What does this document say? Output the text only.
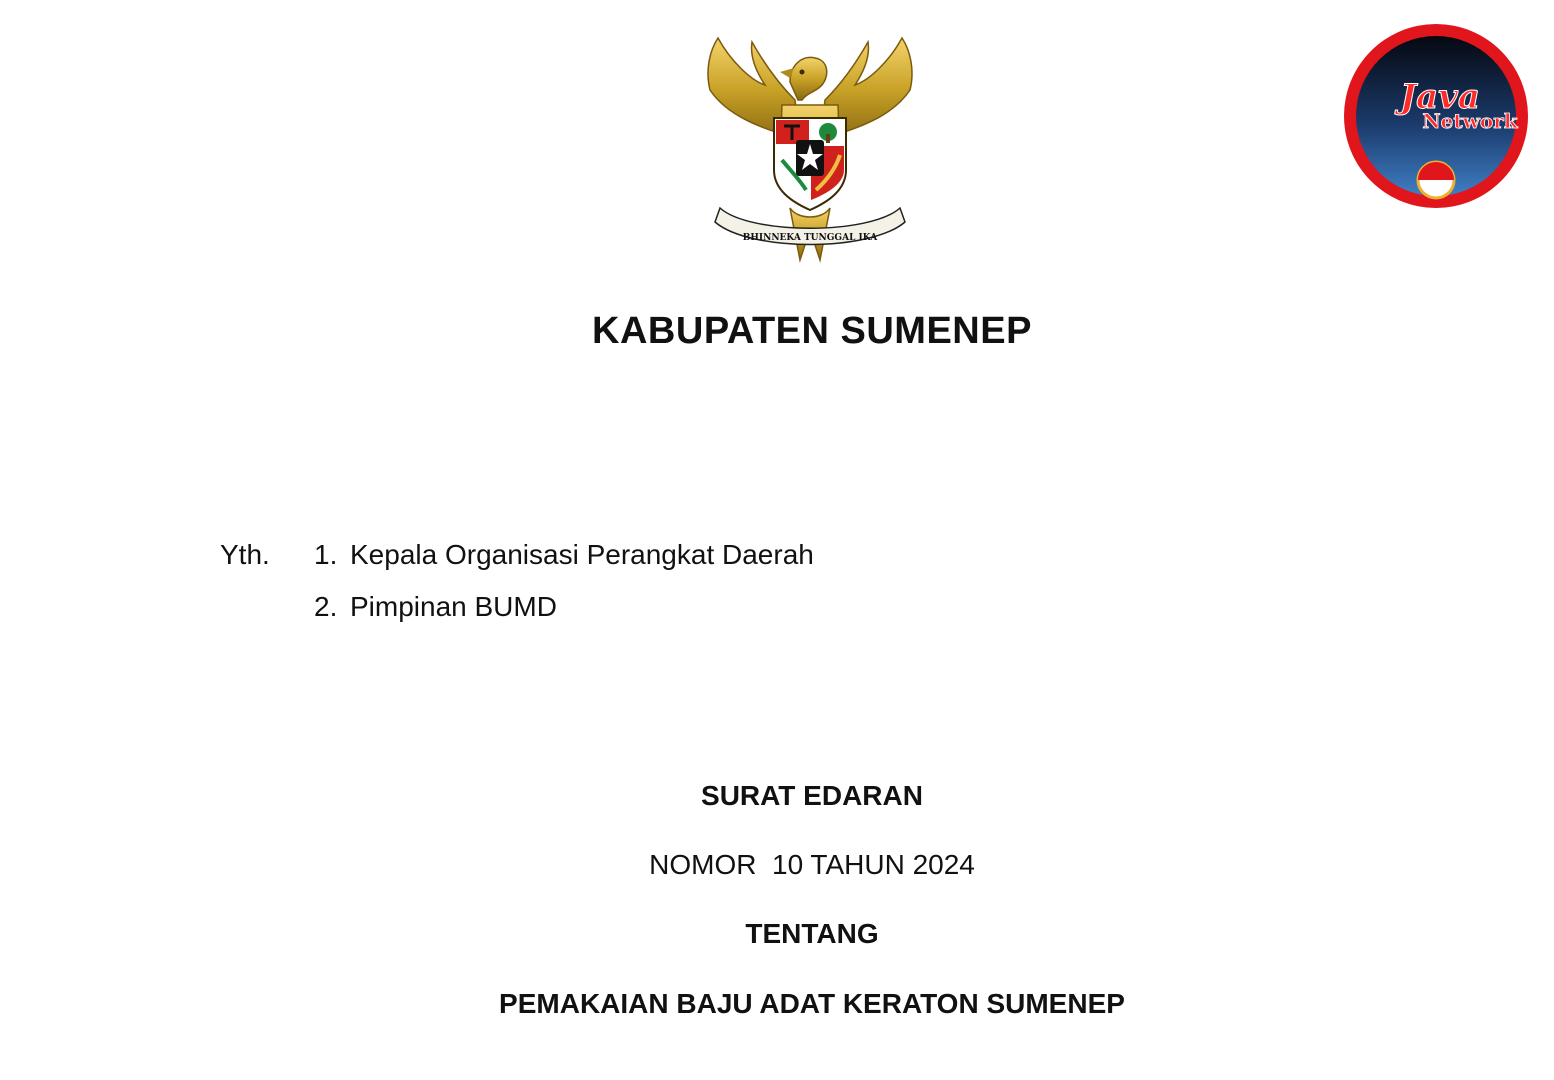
BHINNEKA TUNGGAL IKA
Java
Network
KABUPATEN SUMENEP
Yth.	1. Kepala Organisasi Perangkat Daerah
2. Pimpinan BUMD
SURAT EDARAN
NOMOR  10 TAHUN 2024
TENTANG
PEMAKAIAN BAJU ADAT KERATON SUMENEP
